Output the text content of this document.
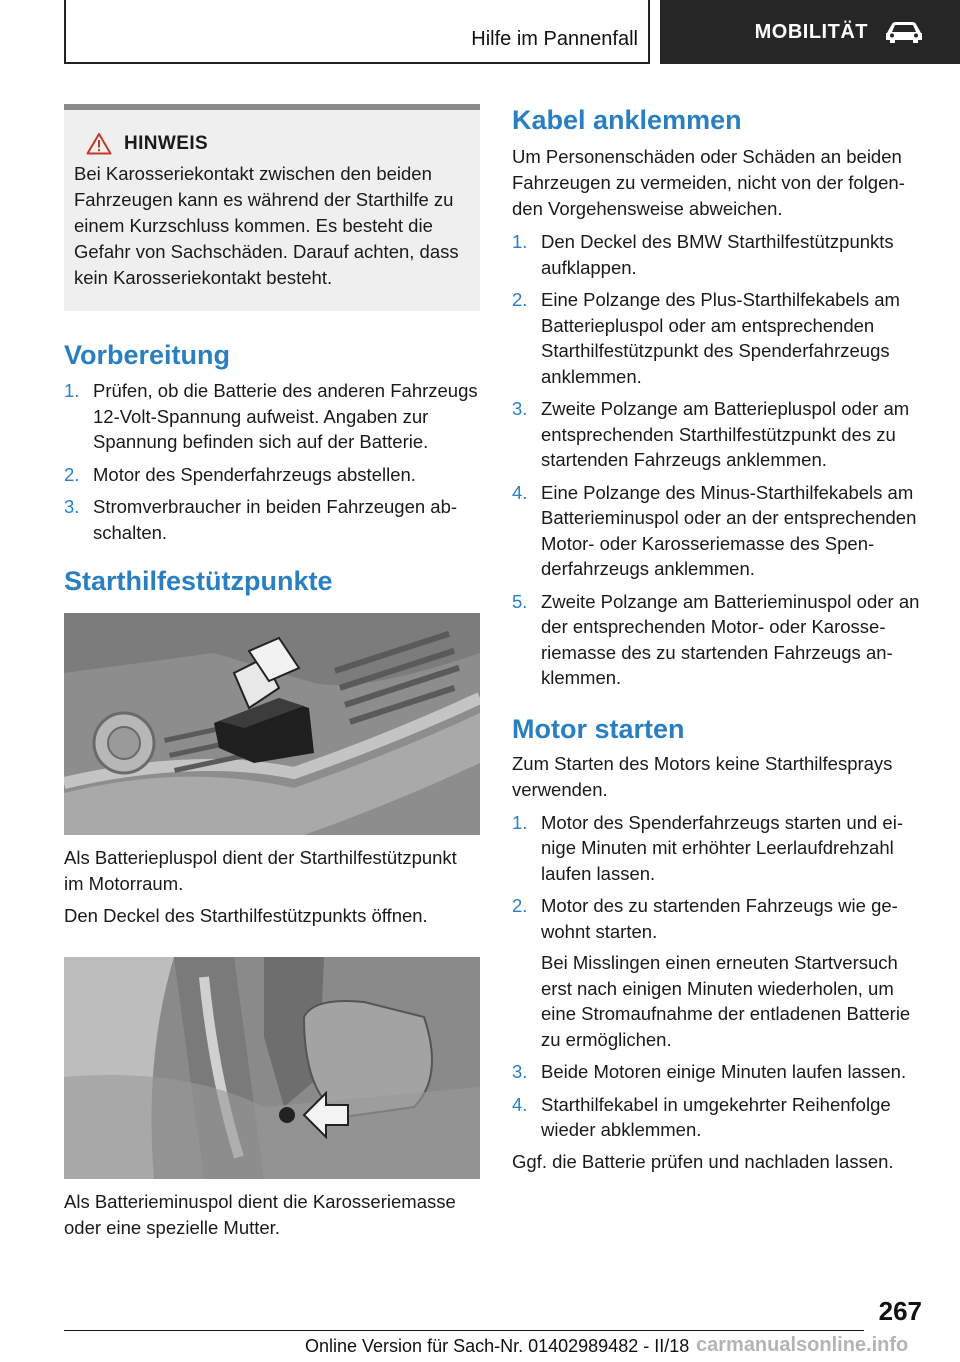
Hilfe im Pannenfall	MOBILITÄT
HINWEIS

Bei Karosseriekontakt zwischen den beiden Fahrzeugen kann es während der Starthilfe zu einem Kurzschluss kommen. Es besteht die Gefahr von Sachschäden. Darauf achten, dass kein Karosseriekontakt besteht.

Vorbereitung
1. Prüfen, ob die Batterie des anderen Fahrzeugs 12-Volt-Spannung aufweist. Angaben zur Spannung befinden sich auf der Batterie.
2. Motor des Spenderfahrzeugs abstellen.
3. Stromverbraucher in beiden Fahrzeugen abschalten.
Starthilfestützpunkte

Als Batteriepluspol dient der Starthilfestützpunkt im Motorraum.

Den Deckel des Starthilfestützpunkts öffnen.

Als Batterieminuspol dient die Karosseriemasse oder eine spezielle Mutter.

Kabel anklemmen

Um Personenschäden oder Schäden an beiden Fahrzeugen zu vermeiden, nicht von der folgenden Vorgehensweise abweichen.

1. Den Deckel des BMW Starthilfestützpunkts aufklappen.
2. Eine Polzange des Plus-Starthilfekabels am Batteriepluspol oder am entsprechenden Starthilfestützpunkt des Spenderfahrzeugs anklemmen.
3. Zweite Polzange am Batteriepluspol oder am entsprechenden Starthilfestützpunkt des zu startenden Fahrzeugs anklemmen.
4. Eine Polzange des Minus-Starthilfekabels am Batterieminuspol oder an der entsprechenden Motor- oder Karosseriemasse des Spenderfahrzeugs anklemmen.
5. Zweite Polzange am Batterieminuspol oder an der entsprechenden Motor- oder Karosseriemasse des zu startenden Fahrzeugs anklemmen.
Motor starten

Zum Starten des Motors keine Starthilfesprays verwenden.

1. Motor des Spenderfahrzeugs starten und einige Minuten mit erhöhter Leerlaufdrehzahl laufen lassen.
2. Motor des zu startenden Fahrzeugs wie gewohnt starten.

Bei Misslingen einen erneuten Startversuch erst nach einigen Minuten wiederholen, um eine Stromaufnahme der entladenen Batterie zu ermöglichen.

3. Beide Motoren einige Minuten laufen lassen.
4. Starthilfekabel in umgekehrter Reihenfolge wieder abklemmen.

Ggf. die Batterie prüfen und nachladen lassen.

267
Online Version für Sach-Nr. 01402989482 - II/18 carmanualsonline.info
